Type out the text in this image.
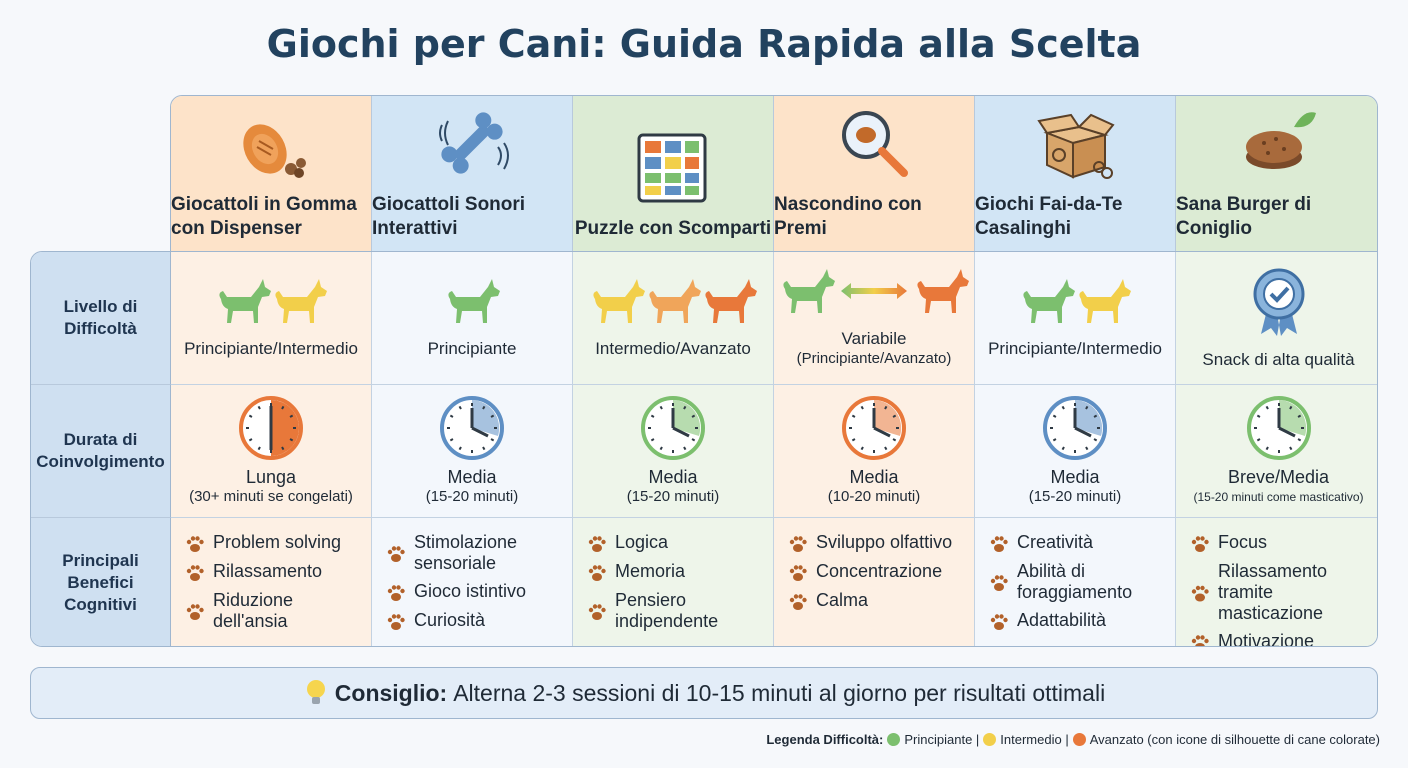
Giochi per Cani: Guida Rapida alla Scelta
Giocattoli in Gomma con Dispenser
Giocattoli Sonori Interattivi	Puzzle con Scomparti
Nascondino con Premi
Giochi Fai-da-Te Casalinghi
Sana Burger di Coniglio
Livello di Difficoltà
Durata di Coinvolgimento
Principali Benefici Cognitivi
Principiante/Intermedio
Lunga
(30+ minuti se congelati)
Problem solving
Rilassamento
Riduzione dell'ansia
Principiante
Media
(15-20 minuti)
Stimolazione sensoriale
Gioco istintivo
Curiosità
Intermedio/Avanzato
Media
(15-20 minuti)
Logica
Memoria
Pensiero indipendente
Variabile
(Principiante/Avanzato)
Media
(10-20 minuti)
Sviluppo olfattivo
Concentrazione
Calma
Principiante/Intermedio
Media
(15-20 minuti)
Creatività
Abilità di foraggiamento
Adattabilità
Snack di alta qualità
Breve/Media
(15-20 minuti come masticativo)
Focus
Rilassamento tramite masticazione
Motivazione
Consiglio: Alterna 2-3 sessioni di 10-15 minuti al giorno per risultati ottimali
Legenda Difficoltà: Principiante | Intermedio | Avanzato (con icone di silhouette di cane colorate)
